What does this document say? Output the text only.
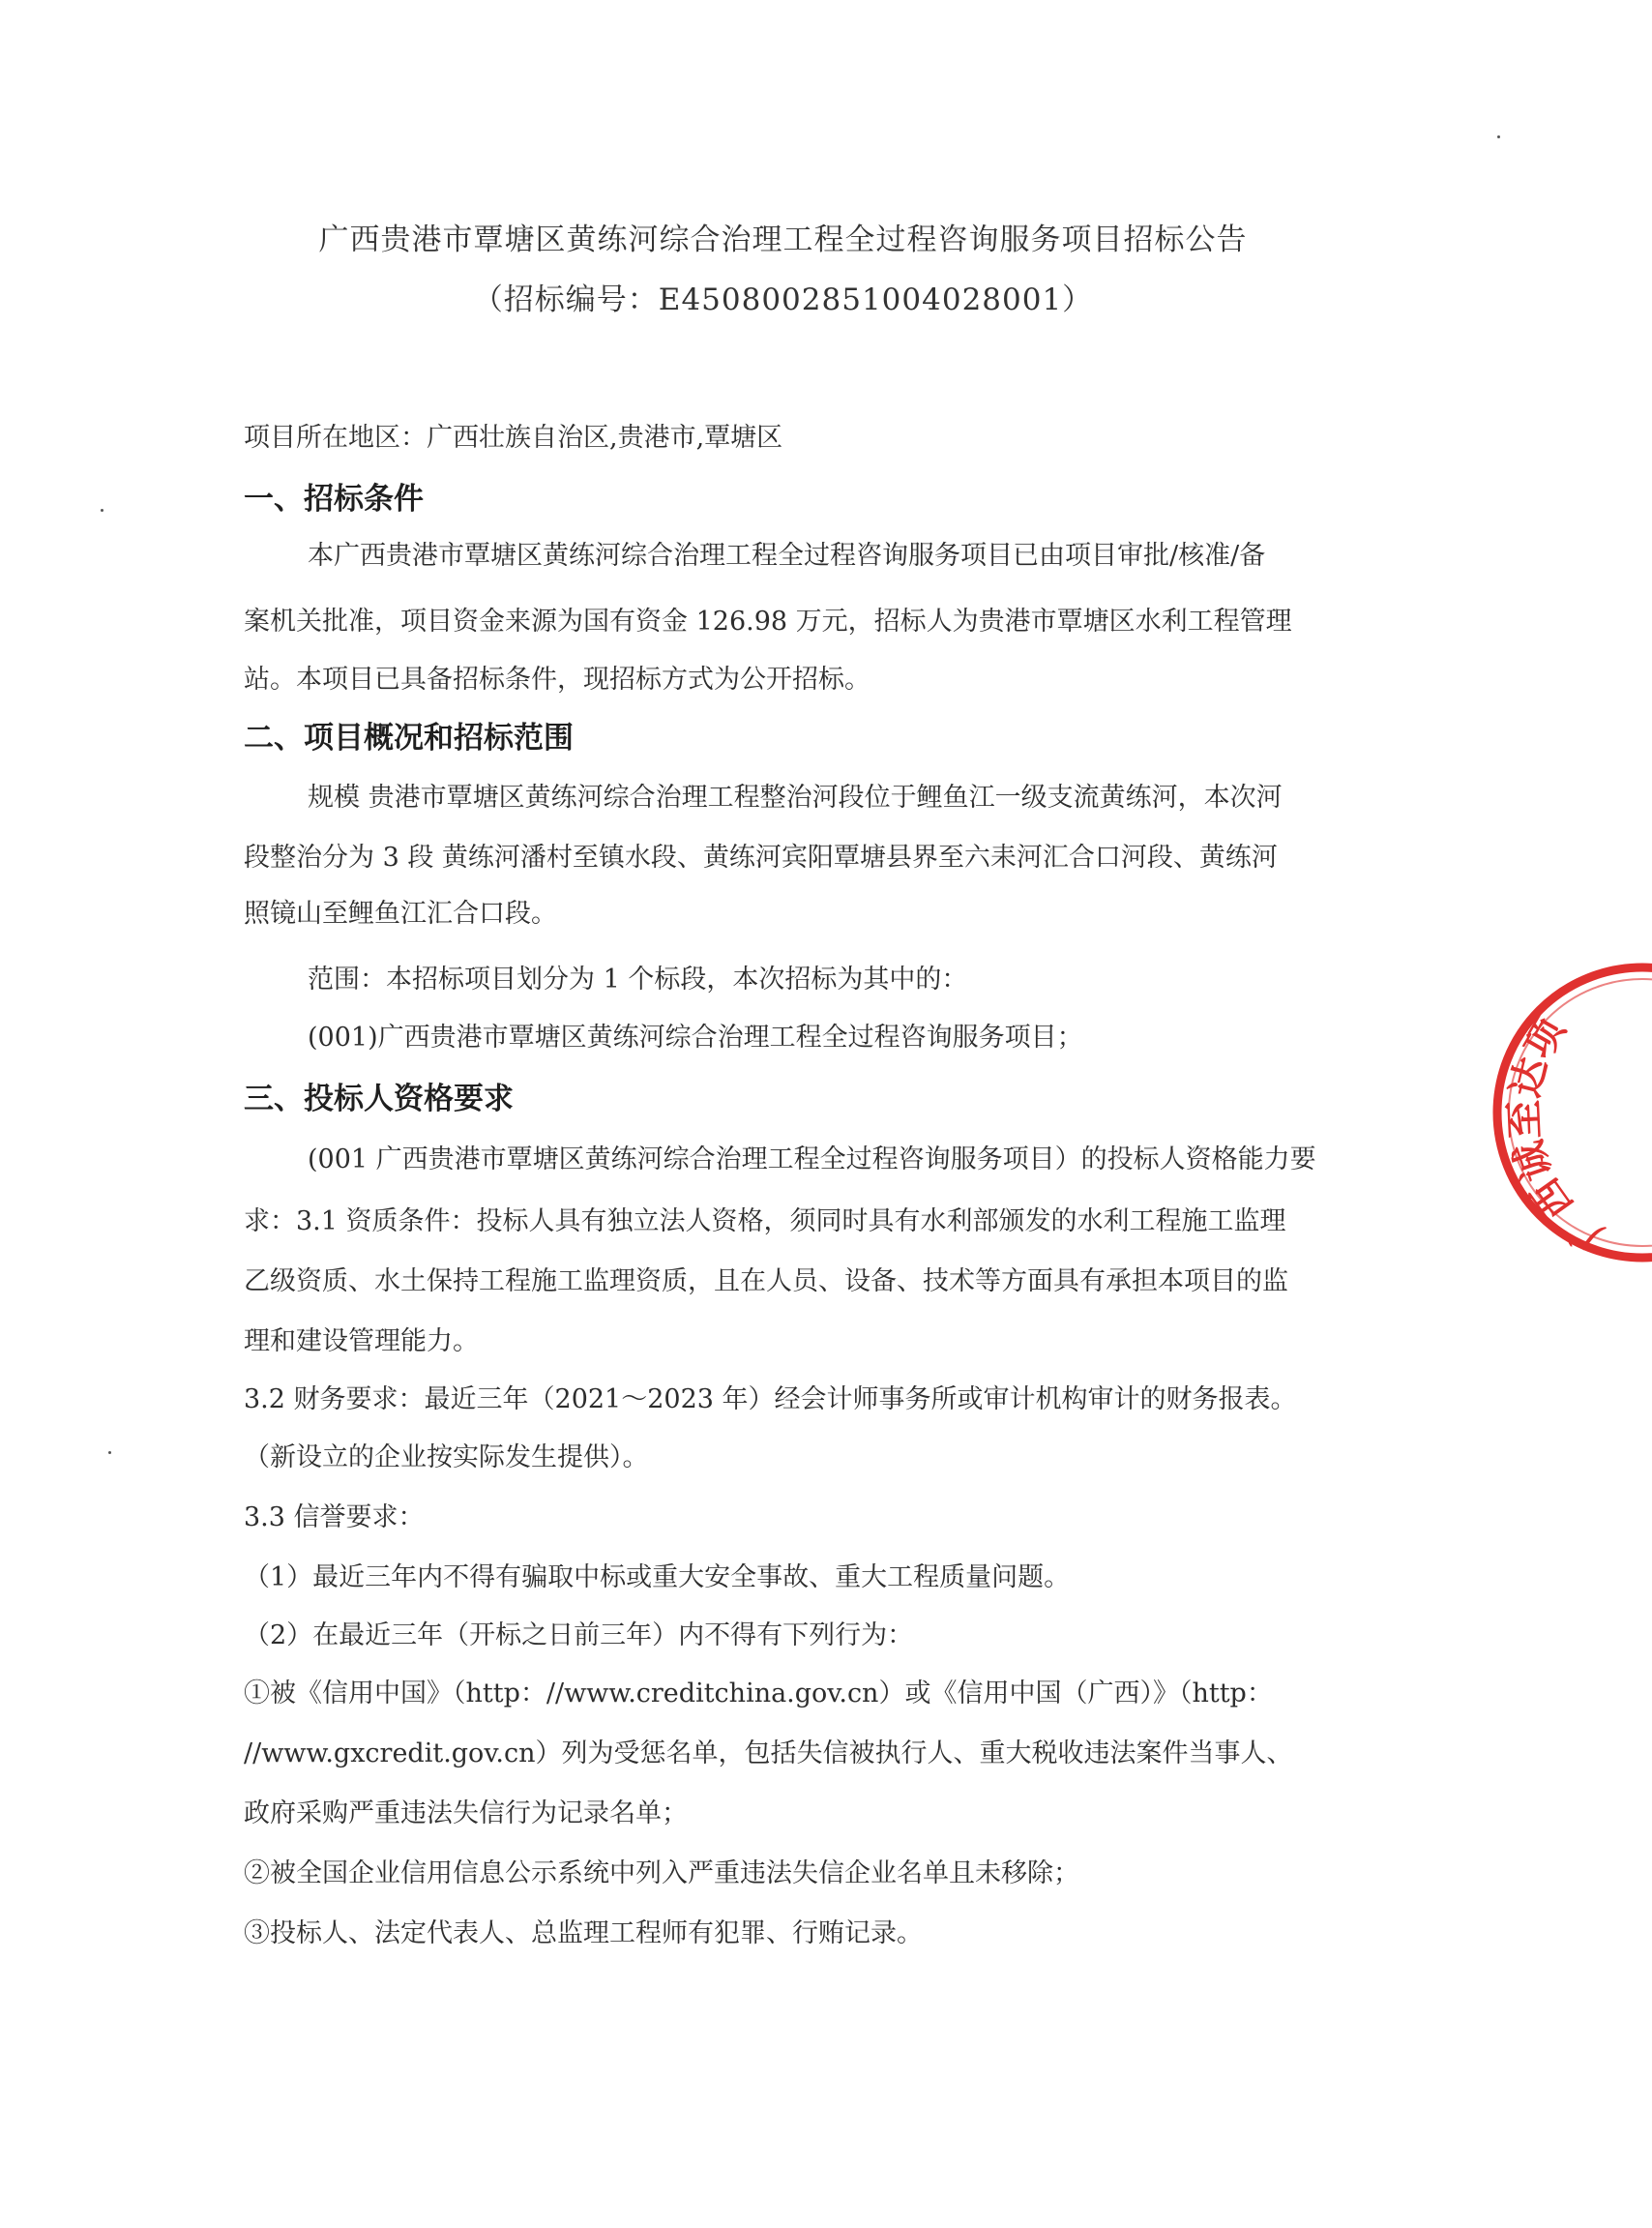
广西贵港市覃塘区黄练河综合治理工程全过程咨询服务项目招标公告
（招标编号：E4508002851004028001）
项目所在地区：广西壮族自治区,贵港市,覃塘区
一、招标条件
本广西贵港市覃塘区黄练河综合治理工程全过程咨询服务项目已由项目审批/核准/备
案机关批准，项目资金来源为国有资金 126.98 万元，招标人为贵港市覃塘区水利工程管理
站。本项目已具备招标条件，现招标方式为公开招标。
二、项目概况和招标范围
规模 贵港市覃塘区黄练河综合治理工程整治河段位于鲤鱼江一级支流黄练河，本次河
段整治分为 3 段 黄练河潘村至镇水段、黄练河宾阳覃塘县界至六耒河汇合口河段、黄练河
照镜山至鲤鱼江汇合口段。
范围：本招标项目划分为 1 个标段，本次招标为其中的：
(001)广西贵港市覃塘区黄练河综合治理工程全过程咨询服务项目；
三、投标人资格要求
(001 广西贵港市覃塘区黄练河综合治理工程全过程咨询服务项目）的投标人资格能力要
求：3.1 资质条件：投标人具有独立法人资格，须同时具有水利部颁发的水利工程施工监理
乙级资质、水土保持工程施工监理资质，且在人员、设备、技术等方面具有承担本项目的监
理和建设管理能力。
3.2 财务要求：最近三年（2021～2023 年）经会计师事务所或审计机构审计的财务报表。
（新设立的企业按实际发生提供）。
3.3 信誉要求：
（1）最近三年内不得有骗取中标或重大安全事故、重大工程质量问题。
（2）在最近三年（开标之日前三年）内不得有下列行为：
①被《信用中国》（http：//www.creditchina.gov.cn）或《信用中国（广西）》（http：
//www.gxcredit.gov.cn）列为受惩名单，包括失信被执行人、重大税收违法案件当事人、
政府采购严重违法失信行为记录名单；
②被全国企业信用信息公示系统中列入严重违法失信企业名单且未移除；
③投标人、法定代表人、总监理工程师有犯罪、行贿记录。
广西诚至达项
